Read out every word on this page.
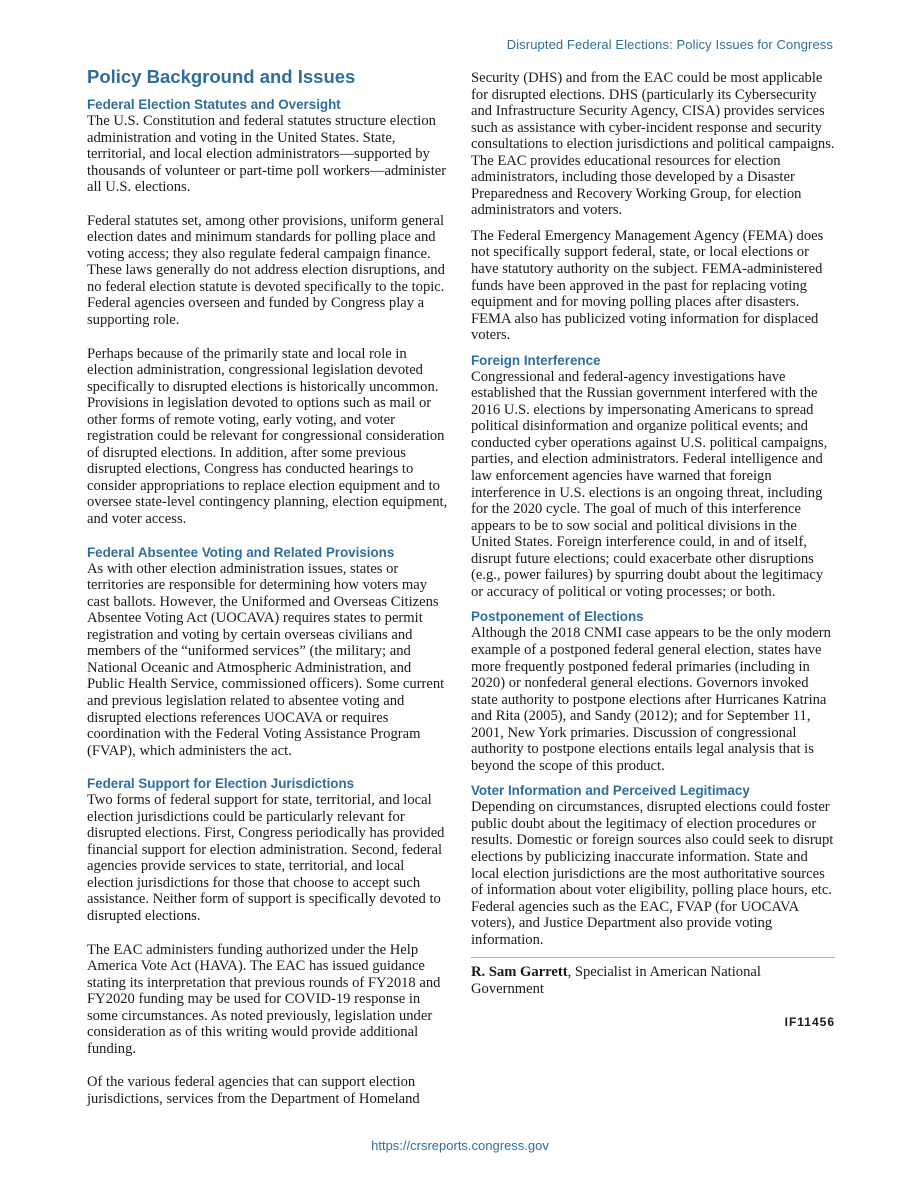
Disrupted Federal Elections: Policy Issues for Congress
Policy Background and Issues
Federal Election Statutes and Oversight

The U.S. Constitution and federal statutes structure election administration and voting in the United States. State, territorial, and local election administrators—supported by thousands of volunteer or part-time poll workers—administer all U.S. elections.

Federal statutes set, among other provisions, uniform general election dates and minimum standards for polling place and voting access; they also regulate federal campaign finance. These laws generally do not address election disruptions, and no federal election statute is devoted specifically to the topic. Federal agencies overseen and funded by Congress play a supporting role.

Perhaps because of the primarily state and local role in election administration, congressional legislation devoted specifically to disrupted elections is historically uncommon. Provisions in legislation devoted to options such as mail or other forms of remote voting, early voting, and voter registration could be relevant for congressional consideration of disrupted elections. In addition, after some previous disrupted elections, Congress has conducted hearings to consider appropriations to replace election equipment and to oversee state-level contingency planning, election equipment, and voter access.

Federal Absentee Voting and Related Provisions

As with other election administration issues, states or territories are responsible for determining how voters may cast ballots. However, the Uniformed and Overseas Citizens Absentee Voting Act (UOCAVA) requires states to permit registration and voting by certain overseas civilians and members of the “uniformed services” (the military; and National Oceanic and Atmospheric Administration, and Public Health Service, commissioned officers). Some current and previous legislation related to absentee voting and disrupted elections references UOCAVA or requires coordination with the Federal Voting Assistance Program (FVAP), which administers the act.

Federal Support for Election Jurisdictions

Two forms of federal support for state, territorial, and local election jurisdictions could be particularly relevant for disrupted elections. First, Congress periodically has provided financial support for election administration. Second, federal agencies provide services to state, territorial, and local election jurisdictions for those that choose to accept such assistance. Neither form of support is specifically devoted to disrupted elections.

The EAC administers funding authorized under the Help America Vote Act (HAVA). The EAC has issued guidance stating its interpretation that previous rounds of FY2018 and FY2020 funding may be used for COVID-19 response in some circumstances. As noted previously, legislation under consideration as of this writing would provide additional funding.

Of the various federal agencies that can support election jurisdictions, services from the Department of Homeland

Security (DHS) and from the EAC could be most applicable for disrupted elections. DHS (particularly its Cybersecurity and Infrastructure Security Agency, CISA) provides services such as assistance with cyber-incident response and security consultations to election jurisdictions and political campaigns. The EAC provides educational resources for election administrators, including those developed by a Disaster Preparedness and Recovery Working Group, for election administrators and voters.

The Federal Emergency Management Agency (FEMA) does not specifically support federal, state, or local elections or have statutory authority on the subject. FEMA-administered funds have been approved in the past for replacing voting equipment and for moving polling places after disasters. FEMA also has publicized voting information for displaced voters.

Foreign Interference

Congressional and federal-agency investigations have established that the Russian government interfered with the 2016 U.S. elections by impersonating Americans to spread political disinformation and organize political events; and conducted cyber operations against U.S. political campaigns, parties, and election administrators. Federal intelligence and law enforcement agencies have warned that foreign interference in U.S. elections is an ongoing threat, including for the 2020 cycle. The goal of much of this interference appears to be to sow social and political divisions in the United States. Foreign interference could, in and of itself, disrupt future elections; could exacerbate other disruptions (e.g., power failures) by spurring doubt about the legitimacy or accuracy of political or voting processes; or both.

Postponement of Elections

Although the 2018 CNMI case appears to be the only modern example of a postponed federal general election, states have more frequently postponed federal primaries (including in 2020) or nonfederal general elections. Governors invoked state authority to postpone elections after Hurricanes Katrina and Rita (2005), and Sandy (2012); and for September 11, 2001, New York primaries. Discussion of congressional authority to postpone elections entails legal analysis that is beyond the scope of this product.

Voter Information and Perceived Legitimacy

Depending on circumstances, disrupted elections could foster public doubt about the legitimacy of election procedures or results. Domestic or foreign sources also could seek to disrupt elections by publicizing inaccurate information. State and local election jurisdictions are the most authoritative sources of information about voter eligibility, polling place hours, etc. Federal agencies such as the EAC, FVAP (for UOCAVA voters), and Justice Department also provide voting information.

R. Sam Garrett, Specialist in American National Government

IF11456
https://crsreports.congress.gov
